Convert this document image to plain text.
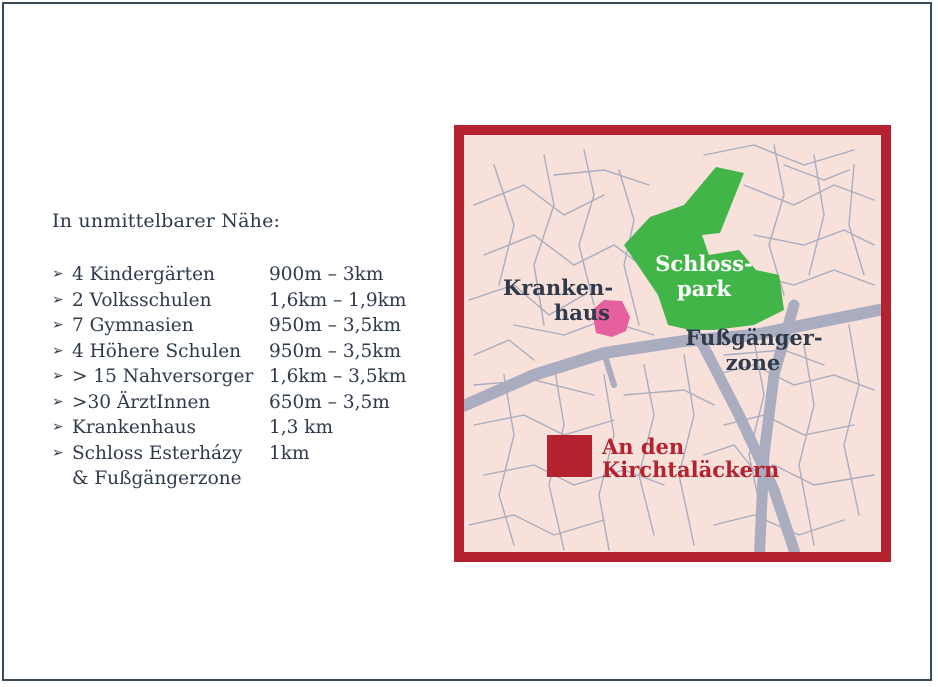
In unmittelbarer Nähe:
➢ 4 Kindergärten	900m – 3km
➢ 2 Volksschulen	1,6km – 1,9km
➢ 7 Gymnasien	950m – 3,5km
➢ 4 Höhere Schulen	950m – 3,5km
➢ > 15 Nahversorger 1,6km – 3,5km
➢ >30 ÄrztInnen	650m – 3,5m
➢ Krankenhaus	1,3 km
➢ Schloss Esterházy
& Fußgängerzone
1km
Schloss-
park
Kranken-
haus
Fußgänger-
zone
An den
Kirchtaläckern
